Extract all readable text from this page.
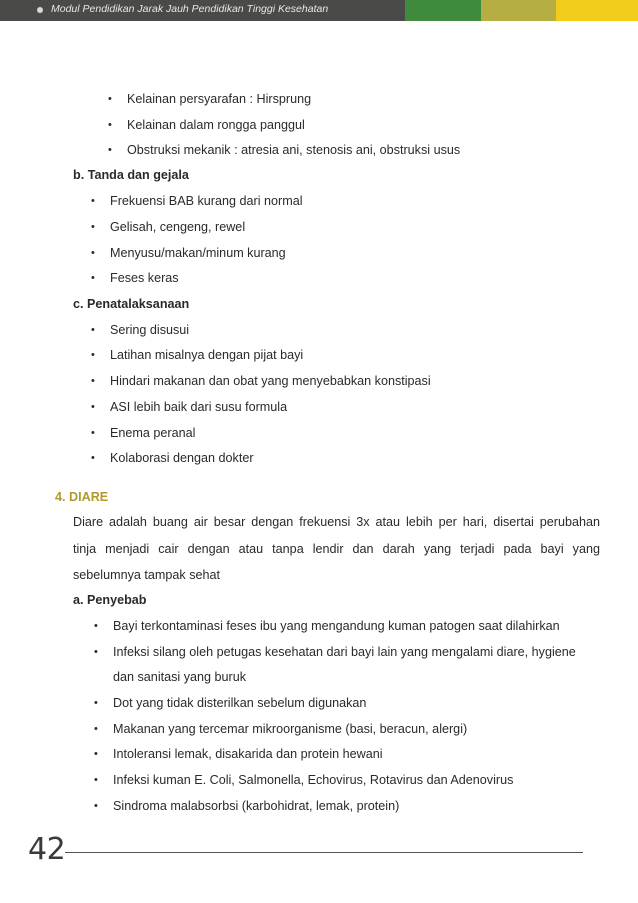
Modul Pendidikan Jarak Jauh Pendidikan Tinggi Kesehatan
• Kelainan persyarafan : Hirsprung
• Kelainan dalam rongga panggul
• Obstruksi mekanik : atresia ani, stenosis ani, obstruksi usus
b. Tanda dan gejala
• Frekuensi BAB kurang dari normal
• Gelisah, cengeng, rewel
• Menyusu/makan/minum kurang
• Feses keras
c. Penatalaksanaan
• Sering disusui
• Latihan misalnya dengan pijat bayi
• Hindari makanan dan obat yang menyebabkan konstipasi
• ASI lebih baik dari susu formula
• Enema peranal
• Kolaborasi dengan dokter
4. DIARE
Diare adalah buang air besar dengan frekuensi 3x atau lebih per hari, disertai perubahan
tinja menjadi cair dengan atau tanpa lendir dan darah yang terjadi pada bayi yang
sebelumnya tampak sehat
a. Penyebab
• Bayi terkontaminasi feses ibu yang mengandung kuman patogen saat dilahirkan
• Infeksi silang oleh petugas kesehatan dari bayi lain yang mengalami diare, hygiene
dan sanitasi yang buruk
• Dot yang tidak disterilkan sebelum digunakan
• Makanan yang tercemar mikroorganisme (basi, beracun, alergi)
• Intoleransi lemak, disakarida dan protein hewani
• Infeksi kuman E. Coli, Salmonella, Echovirus, Rotavirus dan Adenovirus
• Sindroma malabsorbsi (karbohidrat, lemak, protein)
42
